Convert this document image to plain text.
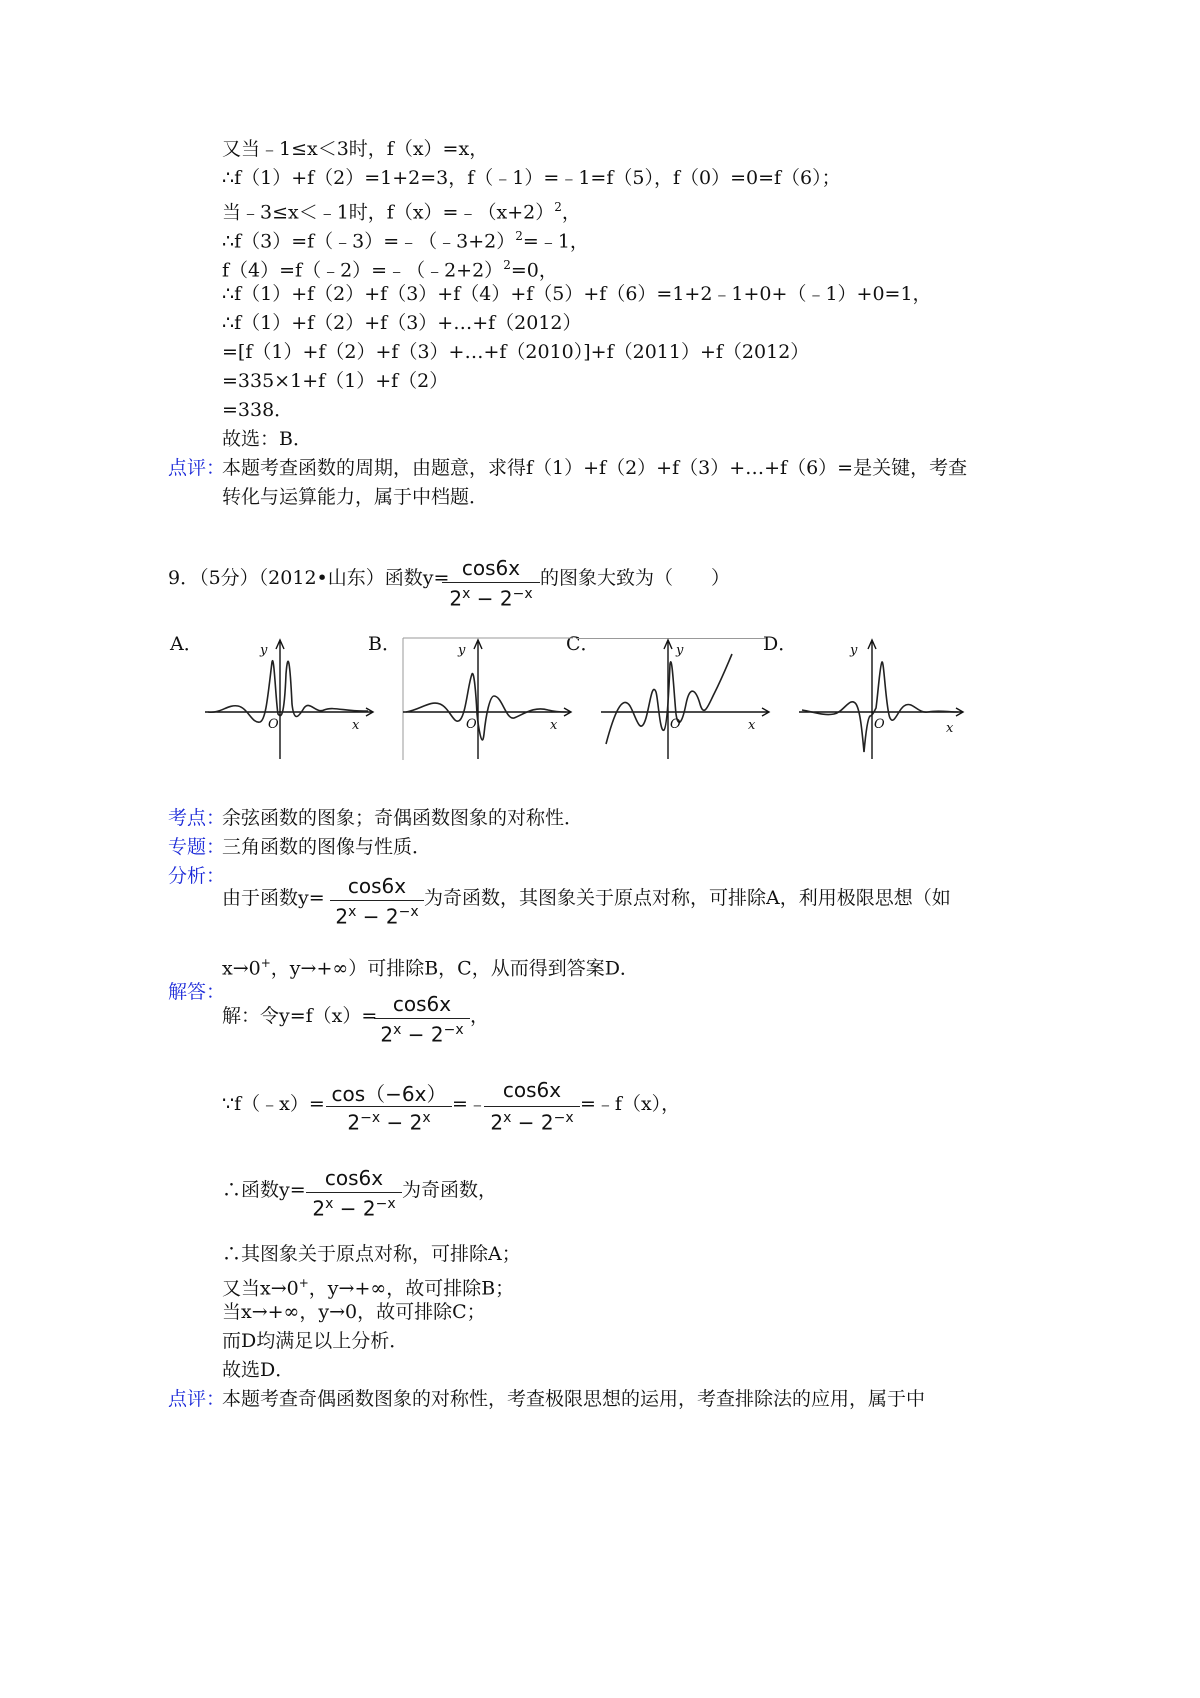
又当﹣1≤x＜3时，f（x）=x，
∴f（1）+f（2）=1+2=3，f（﹣1）=﹣1=f（5），f（0）=0=f（6）；
当﹣3≤x＜﹣1时，$f(x)=﹣(x+2)^2$，
∴f（3）=f（﹣3）=﹣（﹣3+2）$^2$=﹣1，
f（4）=f（﹣2）=﹣（﹣2+2）$^2$=0，
∴f（1）+f（2）+f（3）+f（4）+f（5）+f（6）=1+2﹣1+0+（﹣1）+0=1，
∴f（1）+f（2）+f（3）+…+f（2012）
=[f（1）+f（2）+f（3）+…+f（2010）]+f（2011）+f（2012）
=335×1+f（1）+f（2）
=338．
故选：B．
点评：
本题考查函数的周期，由题意，求得f（1）+f（2）+f（3）+…+f（6）=是关键，考查
转化与运算能力，属于中档题．
9．（5分）（2012•山东）函数y= cos6x
$2^x - 2^{-x}$
的图象大致为（　　）
A．	B．	C．	D．
x
y
O	x
y
O	x
y
O	x
y
O
考点：
余弦函数的图象；奇偶函数图象的对称性．
专题：
三角函数的图像与性质．
分析：
由于函数y=	cos6x
$2^x - 2^{-x}$
为奇函数，其图象关于原点对称，可排除A，利用极限思想（如
x→0+，y→+∞）可排除B，C，从而得到答案D．
解答：
解：令y=f（x）= cos6x
$2^x - 2^{-x}$
，
∵f（﹣x）= cos（−6x）
$2^{-x} - 2^x$
=﹣
cos6x
$2^x - 2^{-x}$
=﹣f（x），
∴函数y= cos6x
$2^x - 2^{-x}$
为奇函数，
∴其图象关于原点对称，可排除A；
又当x→0+，y→+∞，故可排除B；
当x→+∞，y→0，故可排除C；
而D均满足以上分析．
故选D．
点评：
本题考查奇偶函数图象的对称性，考查极限思想的运用，考查排除法的应用，属于中
